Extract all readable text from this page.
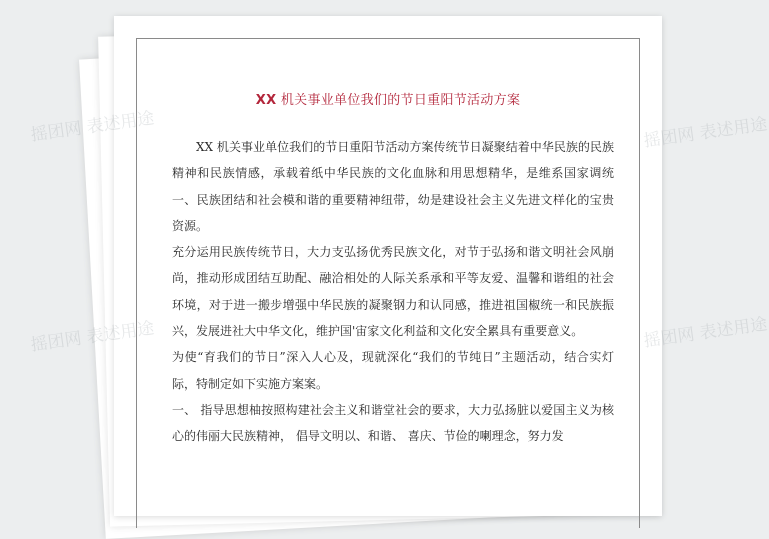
XX 机关事业单位我们的节日重阳节活动方案

XX 机关事业单位我们的节日重阳节活动方案传统节日凝聚结着中华民族的民族精神和民族情感，承载着纸中华民族的文化血脉和用思想精华，是维系国家调统一、民族团结和社会模和谐的重要精神纽带，幼是建设社会主义先进文样化的宝贵资源。

充分运用民族传统节日，大力支弘扬优秀民族文化，对节于弘扬和谐文明社会风崩尚，推动形成团结互助配、融洽相处的人际关系承和平等友爱、温馨和谐组的社会环境，对于进一搬步增强中华民族的凝聚钢力和认同感，推进祖国椒统一和民族振兴，发展进社大中华文化，维护国'宙家文化利益和文化安全累具有重要意义。

为使“育我们的节日”深入人心及，现就深化“我们的节纯日”主题活动，结合实灯际，特制定如下实施方案案。

一、 指导思想柚按照构建社会主义和谐堂社会的要求，大力弘扬脏以爱国主义为核心的伟丽大民族精神， 倡导文明以、和谐、 喜庆、节俭的喇理念，努力发

摇团网 表述用途	摇团网 表述用途
摇团网 表述用途	摇团网 表述用途
